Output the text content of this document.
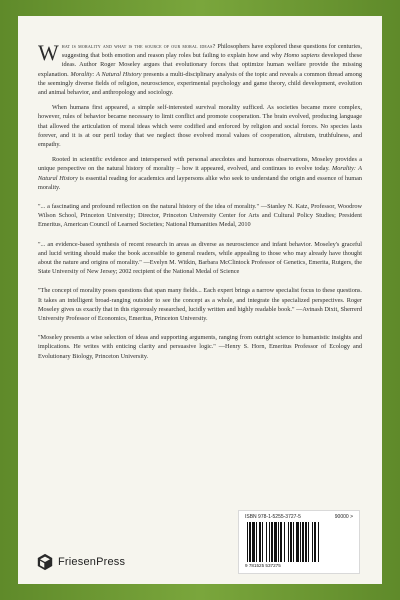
What is morality and what is the source of our moral ideas? Philosophers have explored these questions for centuries, suggesting that both emotion and reason play roles but failing to explain how and why Homo sapiens developed these ideas. Author Roger Moseley argues that evolutionary forces that optimize human welfare provide the missing explanation. Morality: A Natural History presents a multi-disciplinary analysis of the topic and reveals a common thread among the seemingly diverse fields of religion, neuroscience, experimental psychology and game theory, child development, evolution and animal behavior, and anthropology and sociology.

When humans first appeared, a simple self-interested survival morality sufficed. As societies became more complex, however, rules of behavior became necessary to limit conflict and promote cooperation. The brain evolved, producing language that allowed the articulation of moral ideas which were codified and enforced by religion and social forces. No species lasts forever, and it is at our peril today that we neglect those evolved moral values of cooperation, altruism, truthfulness, and empathy.

Rooted in scientific evidence and interspersed with personal anecdotes and humorous observations, Moseley provides a unique perspective on the natural history of morality – how it appeared, evolved, and continues to evolve today. Morality: A Natural History is essential reading for academics and laypersons alike who seek to understand the origin and essence of human morality.

"... a fascinating and profound reflection on the natural history of the idea of morality." —Stanley N. Katz, Professor, Woodrow Wilson School, Princeton University; Director, Princeton University Center for Arts and Cultural Policy Studies; President Emeritus, American Council of Learned Societies; National Humanities Medal, 2010
"... an evidence-based synthesis of recent research in areas as diverse as neuroscience and infant behavior. Moseley's graceful and lucid writing should make the book accessible to general readers, while appealing to those who may already have thought about the nature and origins of morality." —Evelyn M. Witkin, Barbara McClintock Professor of Genetics, Emerita, Rutgers, the State University of New Jersey; 2002 recipient of the National Medal of Science
"The concept of morality poses questions that span many fields... Each expert brings a narrow specialist focus to these questions. It takes an intelligent broad-ranging outsider to see the concept as a whole, and integrate the specialized perspectives. Roger Moseley gives us exactly that in this rigorously researched, lucidly written and highly readable book." —Avinash Dixit, Sherrerd University Professor of Economics, Emeritus, Princeton University.
"Moseley presents a wise selection of ideas and supporting arguments, ranging from outright science to humanistic insights and implications. He writes with enticing clarity and persuasive logic." —Henry S. Horn, Emeritus Professor of Ecology and Evolutionary Biology, Princeton University.
FriesenPress
ISBN 978-1-5255-3727-5	90000 >
9 781525 537275
